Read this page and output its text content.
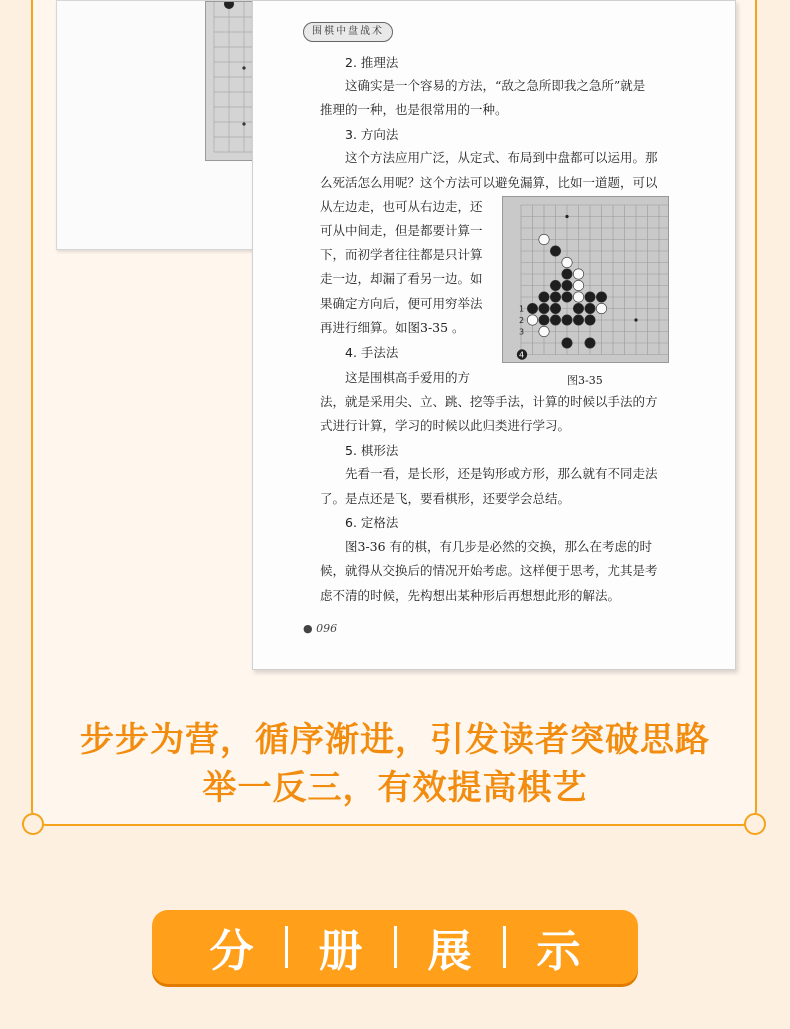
围棋中盘战术
2. 推理法
这确实是一个容易的方法，“敌之急所即我之急所”就是
推理的一种，也是很常用的一种。
3. 方向法
这个方法应用广泛，从定式、布局到中盘都可以运用。那
么死活怎么用呢？这个方法可以避免漏算，比如一道题，可以
从左边走，也可从右边走，还
可从中间走，但是都要计算一
下，而初学者往往都是只计算
走一边，却漏了看另一边。如
果确定方向后，便可用穷举法
再进行细算。如图3-35 。
4. 手法法
这是围棋高手爱用的方
法，就是采用尖、立、跳、挖等手法，计算的时候以手法的方
式进行计算，学习的时候以此归类进行学习。
5. 棋形法
先看一看，是长形，还是钩形或方形，那么就有不同走法
了。是点还是飞，要看棋形，还要学会总结。
6. 定格法
图3-36 有的棋，有几步是必然的交换，那么在考虑的时
候，就得从交换后的情况开始考虑。这样便于思考，尤其是考
虑不清的时候，先构想出某种形后再想想此形的解法。
1
2
3
4
图3-35
● 096
步步为营，循序渐进，引发读者突破思路
举一反三，有效提高棋艺
分	册	展	示
